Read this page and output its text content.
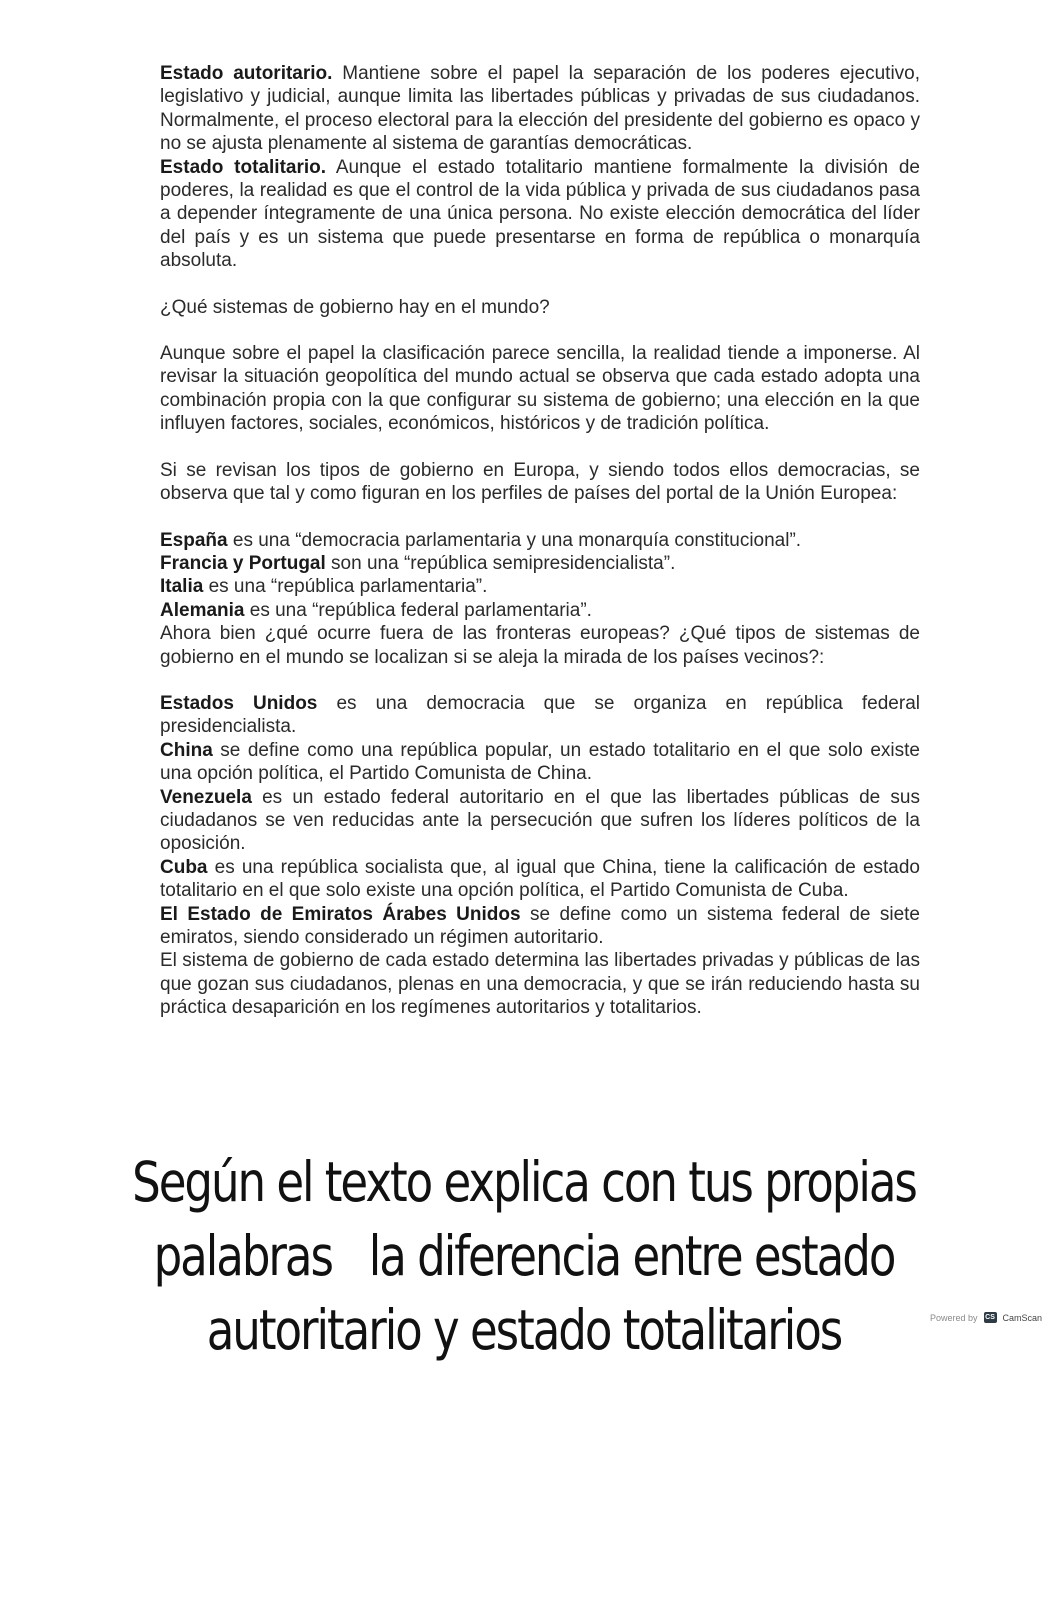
Estado autoritario. Mantiene sobre el papel la separación de los poderes ejecutivo, legislativo y judicial, aunque limita las libertades públicas y privadas de sus ciudadanos. Normalmente, el proceso electoral para la elección del presidente del gobierno es opaco y no se ajusta plenamente al sistema de garantías democráticas.

Estado totalitario. Aunque el estado totalitario mantiene formalmente la división de poderes, la realidad es que el control de la vida pública y privada de sus ciudadanos pasa a depender íntegramente de una única persona. No existe elección democrática del líder del país y es un sistema que puede presentarse en forma de república o monarquía absoluta.

¿Qué sistemas de gobierno hay en el mundo?

Aunque sobre el papel la clasificación parece sencilla, la realidad tiende a imponerse. Al revisar la situación geopolítica del mundo actual se observa que cada estado adopta una combinación propia con la que configurar su sistema de gobierno; una elección en la que influyen factores, sociales, económicos, históricos y de tradición política.

Si se revisan los tipos de gobierno en Europa, y siendo todos ellos democracias, se observa que tal y como figuran en los perfiles de países del portal de la Unión Europea:

España es una “democracia parlamentaria y una monarquía constitucional”.

Francia y Portugal son una “república semipresidencialista”.

Italia es una “república parlamentaria”.

Alemania es una “república federal parlamentaria”.

Ahora bien ¿qué ocurre fuera de las fronteras europeas? ¿Qué tipos de sistemas de gobierno en el mundo se localizan si se aleja la mirada de los países vecinos?:

Estados Unidos es una democracia que se organiza en república federal presidencialista.

China se define como una república popular, un estado totalitario en el que solo existe una opción política, el Partido Comunista de China.

Venezuela es un estado federal autoritario en el que las libertades públicas de sus ciudadanos se ven reducidas ante la persecución que sufren los líderes políticos de la oposición.

Cuba es una república socialista que, al igual que China, tiene la calificación de estado totalitario en el que solo existe una opción política, el Partido Comunista de Cuba.

El Estado de Emiratos Árabes Unidos se define como un sistema federal de siete emiratos, siendo considerado un régimen autoritario.

El sistema de gobierno de cada estado determina las libertades privadas y públicas de las que gozan sus ciudadanos, plenas en una democracia, y que se irán reduciendo hasta su práctica desaparición en los regímenes autoritarios y totalitarios.

Según el texto explica con tus propias
palabras   la diferencia entre estado
autoritario y estado totalitarios	Powered by CS CamScan
